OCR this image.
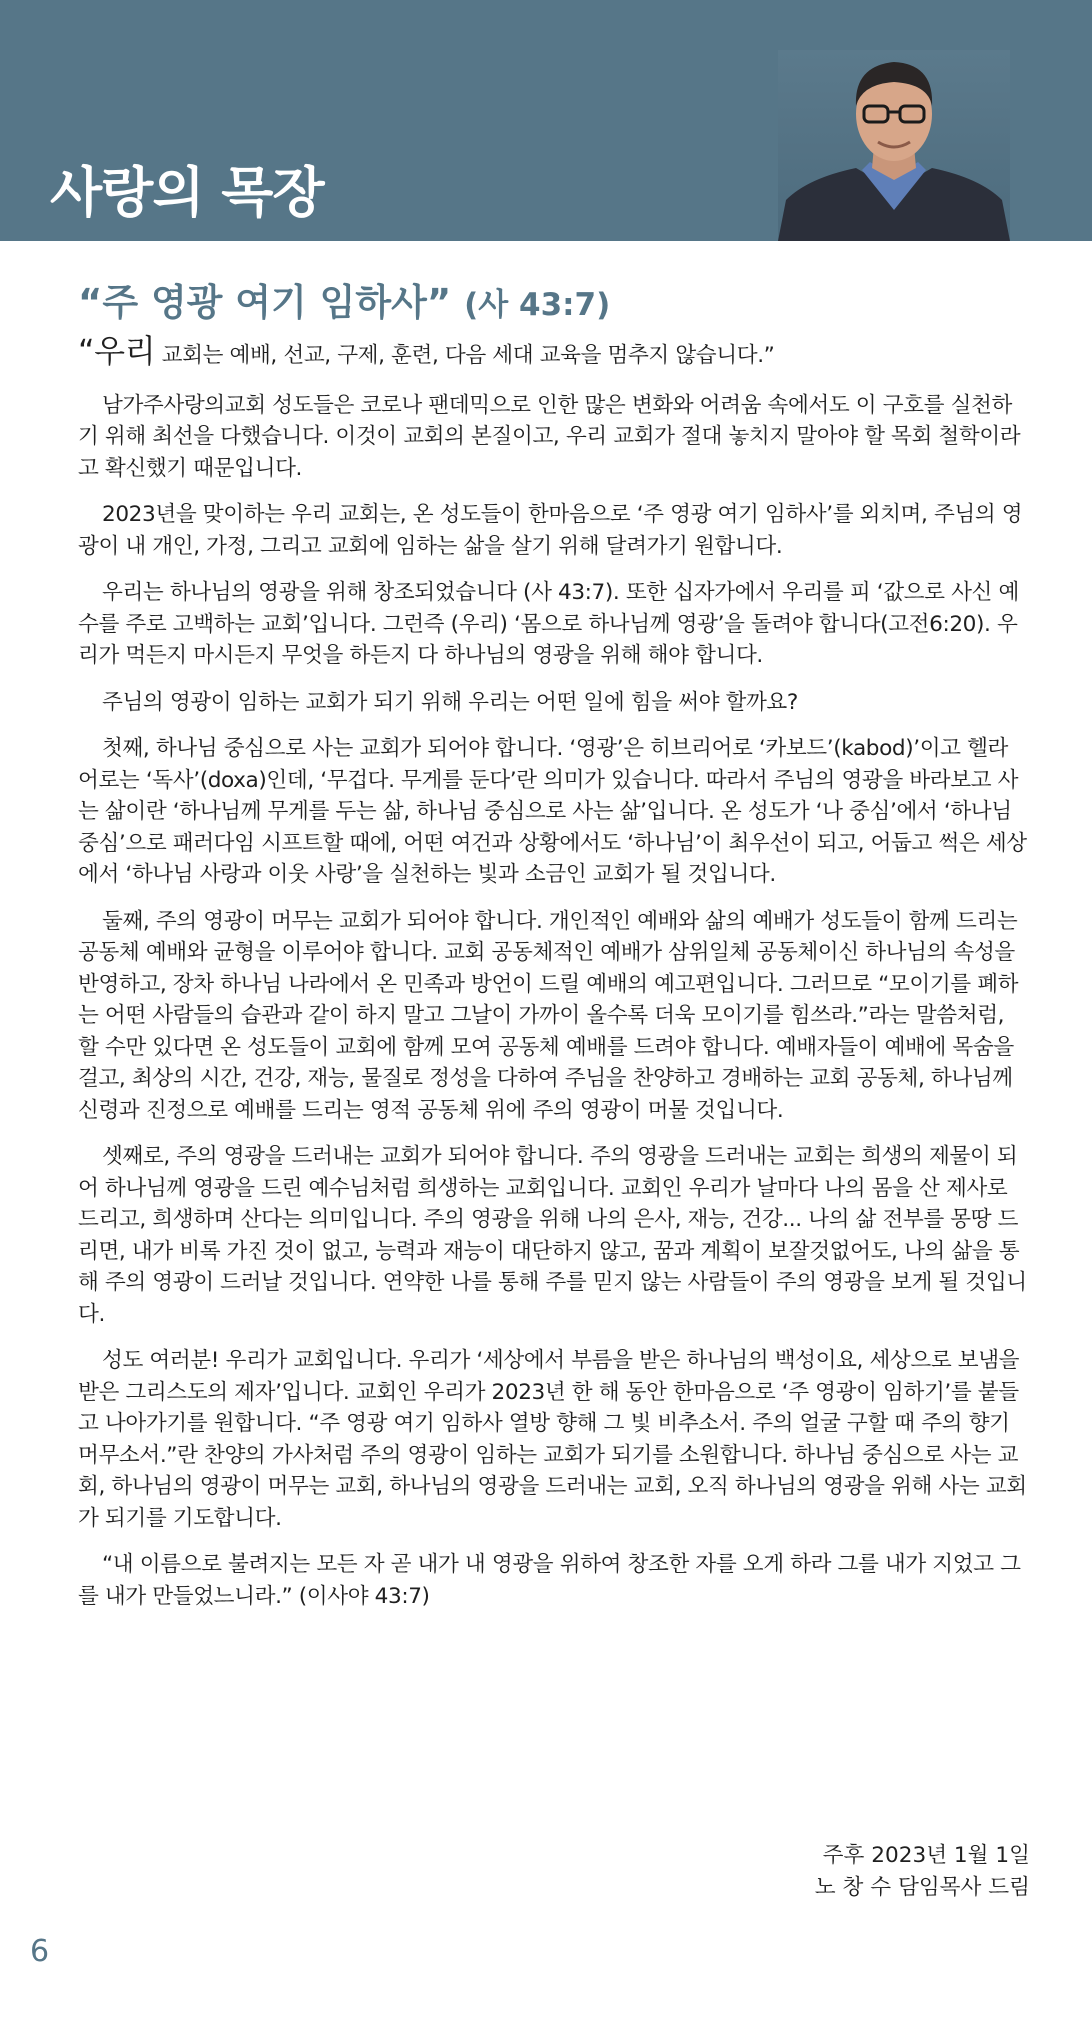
사랑의 목장
“주 영광 여기 임하사” (사 43:7)

“우리 교회는 예배, 선교, 구제, 훈련, 다음 세대 교육을 멈추지 않습니다.”

남가주사랑의교회 성도들은 코로나 팬데믹으로 인한 많은 변화와 어려움 속에서도 이 구호를 실천하기 위해 최선을 다했습니다. 이것이 교회의 본질이고, 우리 교회가 절대 놓치지 말아야 할 목회 철학이라고 확신했기 때문입니다.

2023년을 맞이하는 우리 교회는, 온 성도들이 한마음으로 ‘주 영광 여기 임하사’를 외치며, 주님의 영광이 내 개인, 가정, 그리고 교회에 임하는 삶을 살기 위해 달려가기 원합니다.

우리는 하나님의 영광을 위해 창조되었습니다 (사 43:7). 또한 십자가에서 우리를 피 ‘값으로 사신 예수를 주로 고백하는 교회’입니다. 그런즉 (우리) ‘몸으로 하나님께 영광’을 돌려야 합니다(고전6:20). 우리가 먹든지 마시든지 무엇을 하든지 다 하나님의 영광을 위해 해야 합니다.

주님의 영광이 임하는 교회가 되기 위해 우리는 어떤 일에 힘을 써야 할까요?

첫째, 하나님 중심으로 사는 교회가 되어야 합니다. ‘영광’은 히브리어로 ‘카보드’(kabod)’이고 헬라어로는 ‘독사’(doxa)인데, ‘무겁다. 무게를 둔다’란 의미가 있습니다. 따라서 주님의 영광을 바라보고 사는 삶이란 ‘하나님께 무게를 두는 삶, 하나님 중심으로 사는 삶’입니다. 온 성도가 ‘나 중심’에서 ‘하나님 중심’으로 패러다임 시프트할 때에, 어떤 여건과 상황에서도 ‘하나님’이 최우선이 되고, 어둡고 썩은 세상에서 ‘하나님 사랑과 이웃 사랑’을 실천하는 빛과 소금인 교회가 될 것입니다.

둘째, 주의 영광이 머무는 교회가 되어야 합니다. 개인적인 예배와 삶의 예배가 성도들이 함께 드리는 공동체 예배와 균형을 이루어야 합니다. 교회 공동체적인 예배가 삼위일체 공동체이신 하나님의 속성을 반영하고, 장차 하나님 나라에서 온 민족과 방언이 드릴 예배의 예고편입니다. 그러므로 “모이기를 폐하는 어떤 사람들의 습관과 같이 하지 말고 그날이 가까이 올수록 더욱 모이기를 힘쓰라.”라는 말씀처럼, 할 수만 있다면 온 성도들이 교회에 함께 모여 공동체 예배를 드려야 합니다. 예배자들이 예배에 목숨을 걸고, 최상의 시간, 건강, 재능, 물질로 정성을 다하여 주님을 찬양하고 경배하는 교회 공동체, 하나님께 신령과 진정으로 예배를 드리는 영적 공동체 위에 주의 영광이 머물 것입니다.

셋째로, 주의 영광을 드러내는 교회가 되어야 합니다. 주의 영광을 드러내는 교회는 희생의 제물이 되어 하나님께 영광을 드린 예수님처럼 희생하는 교회입니다. 교회인 우리가 날마다 나의 몸을 산 제사로 드리고, 희생하며 산다는 의미입니다. 주의 영광을 위해 나의 은사, 재능, 건강... 나의 삶 전부를 몽땅 드리면, 내가 비록 가진 것이 없고, 능력과 재능이 대단하지 않고, 꿈과 계획이 보잘것없어도, 나의 삶을 통해 주의 영광이 드러날 것입니다. 연약한 나를 통해 주를 믿지 않는 사람들이 주의 영광을 보게 될 것입니다.

성도 여러분! 우리가 교회입니다. 우리가 ‘세상에서 부름을 받은 하나님의 백성이요, 세상으로 보냄을 받은 그리스도의 제자’입니다. 교회인 우리가 2023년 한 해 동안 한마음으로 ‘주 영광이 임하기’를 붙들고 나아가기를 원합니다. “주 영광 여기 임하사 열방 향해 그 빛 비추소서. 주의 얼굴 구할 때 주의 향기 머무소서.”란 찬양의 가사처럼 주의 영광이 임하는 교회가 되기를 소원합니다. 하나님 중심으로 사는 교회, 하나님의 영광이 머무는 교회, 하나님의 영광을 드러내는 교회, 오직 하나님의 영광을 위해 사는 교회가 되기를 기도합니다.

“내 이름으로 불려지는 모든 자 곧 내가 내 영광을 위하여 창조한 자를 오게 하라 그를 내가 지었고 그를 내가 만들었느니라.” (이사야 43:7)

주후 2023년 1월 1일
노 창 수 담임목사 드림
6
